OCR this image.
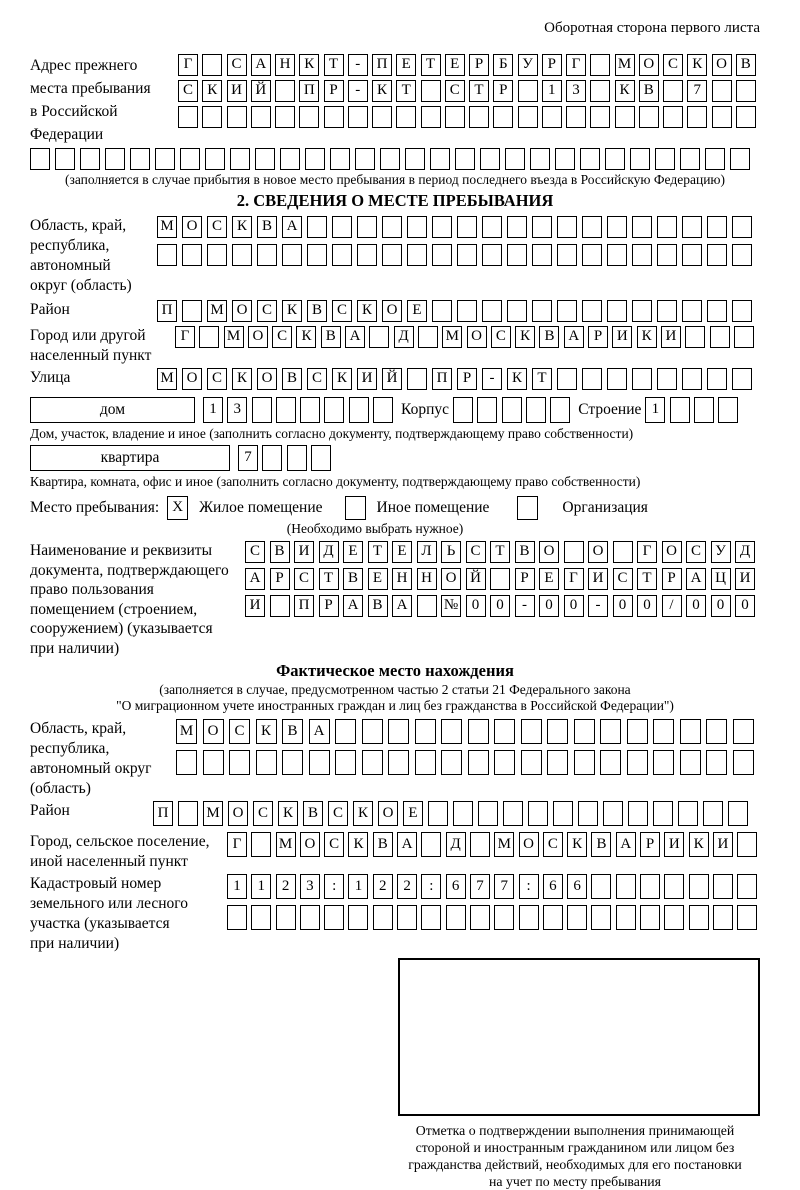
Оборотная сторона первого листа
Адрес прежнего
места пребывания
в Российской
Федерации
Г	С А Н К Т - П Е Т Е Р Б У Р Г	М О С К О В
С К И Й	П Р - К Т	С Т Р	1 3	К В	7
(заполняется в случае прибытия в новое место пребывания в период последнего въезда в Российскую Федерацию)
2. СВЕДЕНИЯ О МЕСТЕ ПРЕБЫВАНИЯ
Область, край,
республика,
автономный
округ (область)
М О С К В А
Район	П	М О С К В С К О Е
Город или другой
населенный пункт
Г	М О С К В А	Д М О С К В А Р И К И
Улица	М О С К О В С К И Й	П Р - К Т
дом	1 3	Корпус	Строение 1
Дом, участок, владение и иное (заполнить согласно документу, подтверждающему право собственности)
квартира	7
Квартира, комната, офис и иное (заполнить согласно документу, подтверждающему право собственности)
Место пребывания: X	Жилое помещение	Иное помещение	Организация
(Необходимо выбрать нужное)
Наименование и реквизиты
документа, подтверждающего
право пользования
помещением (строением,
сооружением) (указывается
при наличии)
С В И Д Е Т Е Л Ь С Т В О	О	Г О С У Д
А Р С Т В Е Н Н О Й	Р Е Г И С Т Р А Ц И
И	П Р А В А № 0 0 - 0 0 - 0 0 / 0 0 0
Фактическое место нахождения
(заполняется в случае, предусмотренном частью 2 статьи 21 Федерального закона
"О миграционном учете иностранных граждан и лиц без гражданства в Российской Федерации")
Область, край,
республика,
автономный округ
(область)
М О С К В А
Район	П	М О С К В С К О Е
Город, сельское поселение,
иной населенный пункт
Г	М О С К В А	Д М О С К В А Р И К И
Кадастровый номер
земельного или лесного
участка (указывается
при наличии)
1 1 2 3 : 1 2 2 : 6 7 7 : 6 6
Отметка о подтверждении выполнения принимающей
стороной и иностранным гражданином или лицом без
гражданства действий, необходимых для его постановки
на учет по месту пребывания
